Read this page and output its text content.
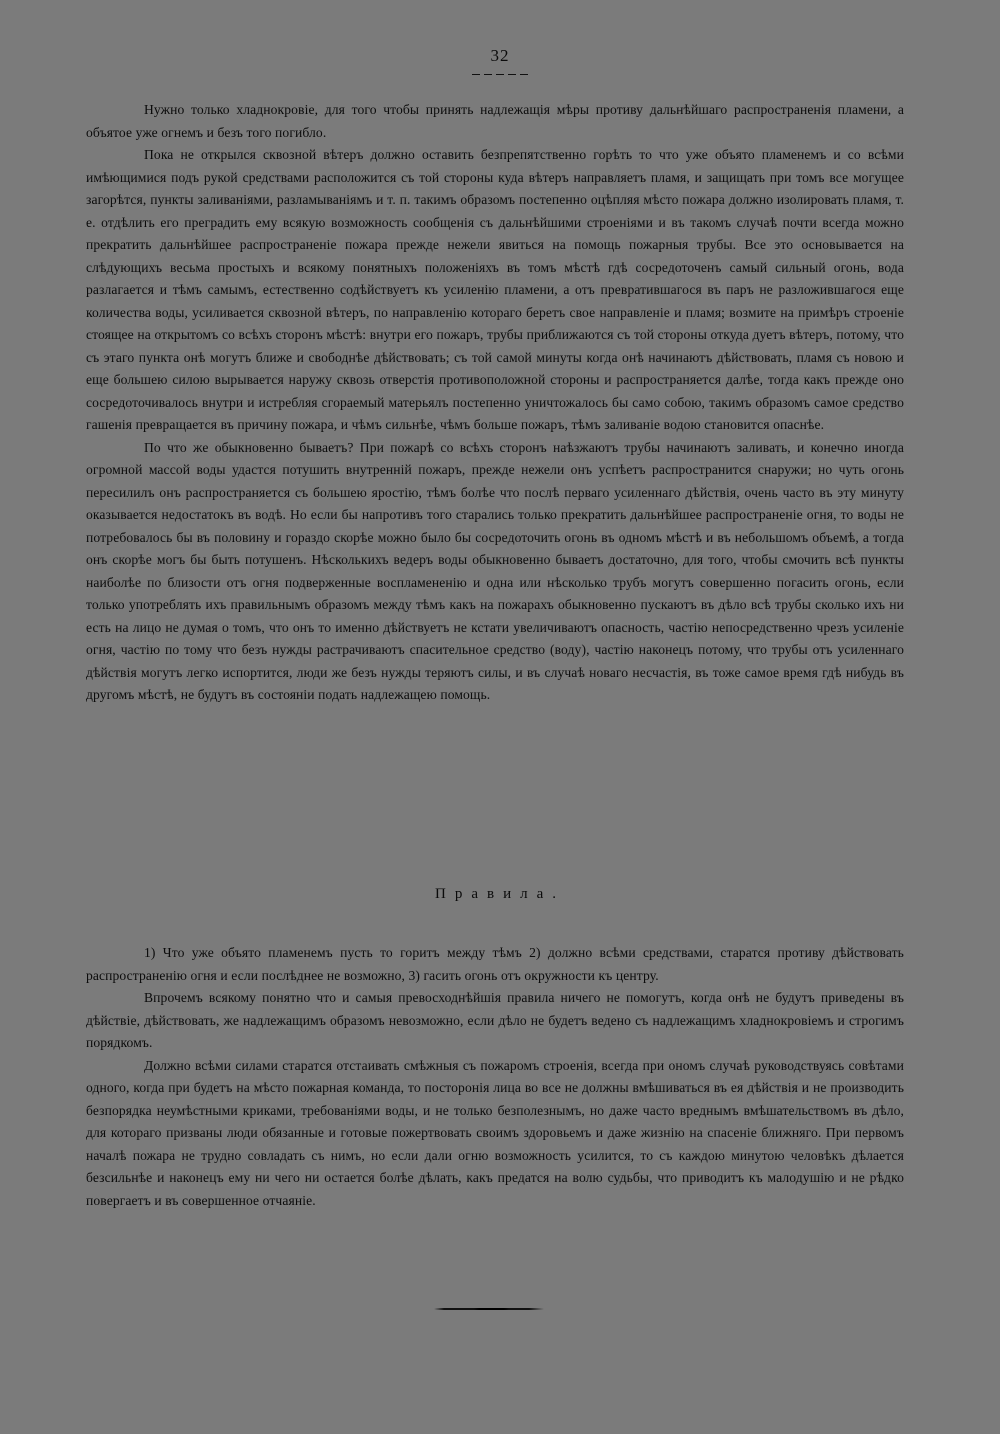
32

Нужно только хладнокровіе, для того чтобы принять надлежащія мѣры противу дальнѣйшаго распространенія пламени, а объятое уже огнемъ и безъ того погибло.

Пока не открылся сквозной вѣтеръ должно оставить безпрепятственно горѣть то что уже объято пламенемъ и со всѣми имѣющимися подъ рукой средствами расположится съ той стороны куда вѣтеръ направляетъ пламя, и защищать при томъ все могущее загорѣтся, пункты заливаніями, разламываніямъ и т. п. такимъ образомъ постепенно оцѣпляя мѣсто пожара должно изолировать пламя, т. е. отдѣлить его преградить ему всякую возможность сообщенія съ дальнѣйшими строеніями и въ такомъ случаѣ почти всегда можно прекратить дальнѣйшее распространеніе пожара прежде нежели явиться на помощь пожарныя трубы. Все это основывается на слѣдующихъ весьма простыхъ и всякому понятныхъ положеніяхъ въ томъ мѣстѣ гдѣ сосредоточенъ самый сильный огонь, вода разлагается и тѣмъ самымъ, естественно содѣйствуетъ къ усиленію пламени, а отъ превратившагося въ паръ не разложившагося еще количества воды, усиливается сквозной вѣтеръ, по направленію котораго беретъ свое направленіе и пламя; возмите на примѣръ строеніе стоящее на открытомъ со всѣхъ сторонъ мѣстѣ: внутри его пожаръ, трубы приближаются съ той стороны откуда дуетъ вѣтеръ, потому, что съ этаго пункта онѣ могутъ ближе и свободнѣе дѣйствовать; съ той самой минуты когда онѣ начинаютъ дѣйствовать, пламя съ новою и еще большею силою вырывается наружу сквозь отверстія противоположной стороны и распространяется далѣе, тогда какъ прежде оно сосредоточивалось внутри и истребляя сгораемый матерьялъ постепенно уничтожалось бы само собою, такимъ образомъ самое средство гашенія превращается въ причину пожара, и чѣмъ сильнѣе, чѣмъ больше пожаръ, тѣмъ заливаніе водою становится опаснѣе.

По что же обыкновенно бываетъ? При пожарѣ со всѣхъ сторонъ наѣзжаютъ трубы начинаютъ заливать, и конечно иногда огромной массой воды удастся потушить внутренній пожаръ, прежде нежели онъ успѣетъ распространится снаружи; но чуть огонь пересилилъ онъ распространяется съ большею яростію, тѣмъ болѣе что послѣ перваго усиленнаго дѣйствія, очень часто въ эту минуту оказывается недостатокъ въ водѣ. Но если бы напротивъ того старались только прекратить дальнѣйшее распространеніе огня, то воды не потребовалось бы въ половину и гораздо скорѣе можно было бы сосредоточить огонь въ одномъ мѣстѣ и въ небольшомъ объемѣ, а тогда онъ скорѣе могъ бы быть потушенъ. Нѣсколькихъ ведеръ воды обыкновенно бываетъ достаточно, для того, чтобы смочить всѣ пункты наиболѣе по близости отъ огня подверженные воспламененію и одна или нѣсколько трубъ могутъ совершенно погасить огонь, если только употреблять ихъ правильнымъ образомъ между тѣмъ какъ на пожарахъ обыкновенно пускаютъ въ дѣло всѣ трубы сколько ихъ ни есть на лицо не думая о томъ, что онъ то именно дѣйствуетъ не кстати увеличиваютъ опасность, частію непосредственно чрезъ усиленіе огня, частію по тому что безъ нужды растрачиваютъ спасительное средство (воду), частію наконецъ потому, что трубы отъ усиленнаго дѣйствія могутъ легко испортится, люди же безъ нужды теряютъ силы, и въ случаѣ новаго несчастія, въ тоже самое время гдѣ нибудь въ другомъ мѣстѣ, не будутъ въ состояніи подать надлежащею помощь.

Правила.

1) Что уже объято пламенемъ пусть то горитъ между тѣмъ 2) должно всѣми средствами, старатся противу дѣйствовать распространенію огня и если послѣднее не возможно, 3) гасить огонь отъ окружности къ центру.

Впрочемъ всякому понятно что и самыя превосходнѣйшія правила ничего не помогутъ, когда онѣ не будутъ приведены въ дѣйствіе, дѣйствовать, же надлежащимъ образомъ невозможно, если дѣло не будетъ ведено съ надлежащимъ хладнокровіемъ и строгимъ порядкомъ.

Должно всѣми силами старатся отстаивать смѣжныя съ пожаромъ строенія, всегда при ономъ случаѣ руководствуясь совѣтами одного, когда при будетъ на мѣсто пожарная команда, то посторонія лица во все не должны вмѣшиваться въ ея дѣйствія и не производить безпорядка неумѣстными криками, требованіями воды, и не только безполезнымъ, но даже часто вреднымъ вмѣшательствомъ въ дѣло, для котораго призваны люди обязанные и готовые пожертвовать своимъ здоровьемъ и даже жизнію на спасеніе ближняго. При первомъ началѣ пожара не трудно совладать съ нимъ, но если дали огню возможность усилится, то съ каждою минутою человѣкъ дѣлается безсильнѣе и наконецъ ему ни чего ни остается болѣе дѣлать, какъ предатся на волю судьбы, что приводитъ къ малодушію и не рѣдко повергаетъ и въ совершенное отчаяніе.
